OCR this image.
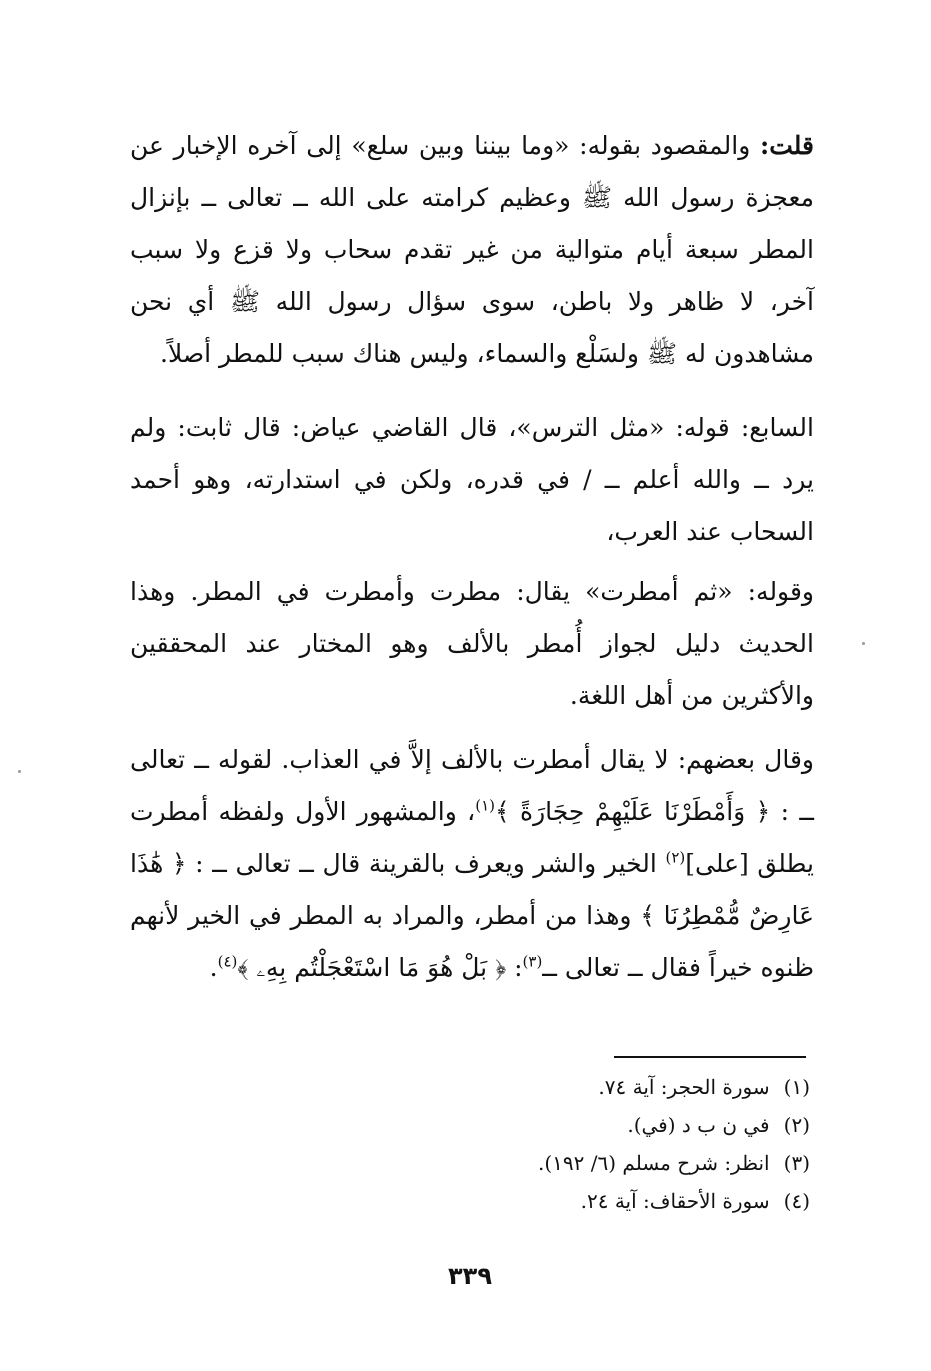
قلت: والمقصود بقوله: «وما بيننا وبين سلع» إلى آخره الإخبار عن معجزة رسول الله ﷺ وعظيم كرامته على الله ــ تعالى ــ بإنزال المطر سبعة أيام متوالية من غير تقدم سحاب ولا قزع ولا سبب آخر، لا ظاهر ولا باطن، سوى سؤال رسول الله ﷺ أي نحن مشاهدون له ﷺ ولسَلْع والسماء، وليس هناك سبب للمطر أصلاً.

السابع: قوله: «مثل الترس»، قال القاضي عياض: قال ثابت: ولم يرد ــ والله أعلم ــ / في قدره، ولكن في استدارته، وهو أحمد السحاب عند العرب،

وقوله: «ثم أمطرت» يقال: مطرت وأمطرت في المطر. وهذا الحديث دليل لجواز أُمطر بالألف وهو المختار عند المحققين والأكثرين من أهل اللغة.

وقال بعضهم: لا يقال أمطرت بالألف إلاَّ في العذاب. لقوله ــ تعالى ــ : ﴿ وَأَمْطَرْنَا عَلَيْهِمْ حِجَارَةً ﴾$^{(١)}$، والمشهور الأول ولفظه أمطرت يطلق [على]$^{(٢)}$ الخير والشر ويعرف بالقرينة قال ــ تعالى ــ : ﴿ هَٰذَا عَارِضٌ مُّمْطِرُنَا ﴾ وهذا من أمطر، والمراد به المطر في الخير لأنهم ظنوه خيراً فقال ــ تعالى ــ$^{(٣)}$: ﴿ بَلْ هُوَ مَا اسْتَعْجَلْتُم بِهِۦ ﴾$^{(٤)}$.

(١)سورة الحجر: آية ٧٤.

(٢)في ن ب د (في).

(٣)انظر: شرح مسلم (٦/ ١٩٢).

(٤)سورة الأحقاف: آية ٢٤.

٣٣٩
